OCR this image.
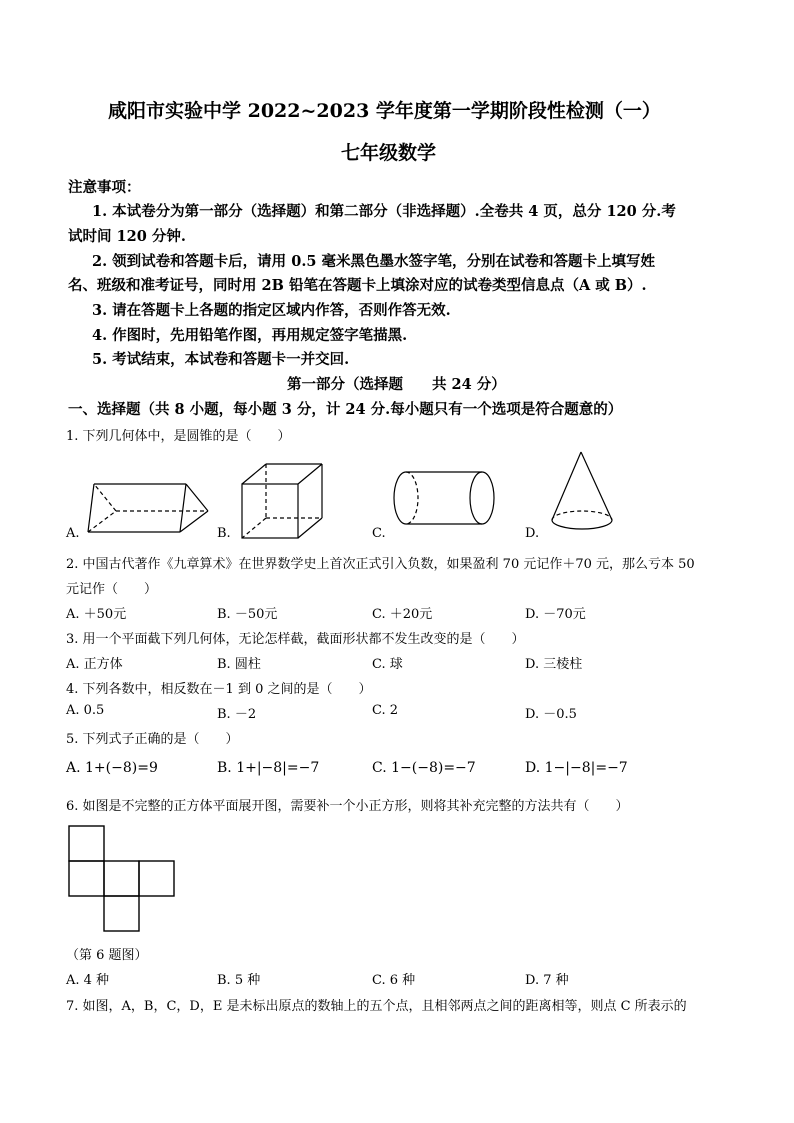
咸阳市实验中学 2022~2023 学年度第一学期阶段性检测（一）
七年级数学
注意事项：
1. 本试卷分为第一部分（选择题）和第二部分（非选择题）.全卷共 4 页，总分 120 分.考
试时间 120 分钟.
2. 领到试卷和答题卡后，请用 0.5 毫米黑色墨水签字笔，分别在试卷和答题卡上填写姓
名、班级和准考证号，同时用 2B 铅笔在答题卡上填涂对应的试卷类型信息点（A 或 B）.
3. 请在答题卡上各题的指定区域内作答，否则作答无效.
4. 作图时，先用铅笔作图，再用规定签字笔描黑.
5. 考试结束，本试卷和答题卡一并交回.
第一部分（选择题　　共 24 分）
一、选择题（共 8 小题，每小题 3 分，计 24 分.每小题只有一个选项是符合题意的）
1. 下列几何体中，是圆锥的是（　　）
A.	B.	C.	D.
2. 中国古代著作《九章算术》在世界数学史上首次正式引入负数，如果盈利 70 元记作＋70 元，那么亏本 50
元记作（　　）
A. ＋50元	B. －50元	C. ＋20元	D. －70元
3. 用一个平面截下列几何体，无论怎样截，截面形状都不发生改变的是（　　）
A. 正方体	B. 圆柱	C. 球	D. 三棱柱
4. 下列各数中，相反数在－1 到 0 之间的是（　　）
A. 0.5	B. －2	C. 2	D. －0.5
5. 下列式子正确的是（　　）
A. 1+(−8)=9	B. 1+|−8|=−7	C. 1−(−8)=−7	D. 1−|−8|=−7
6. 如图是不完整的正方体平面展开图，需要补一个小正方形，则将其补充完整的方法共有（　　）
（第 6 题图）
A. 4 种	B. 5 种	C. 6 种	D. 7 种
7. 如图，A，B，C，D，E 是未标出原点的数轴上的五个点，且相邻两点之间的距离相等，则点 C 所表示的
